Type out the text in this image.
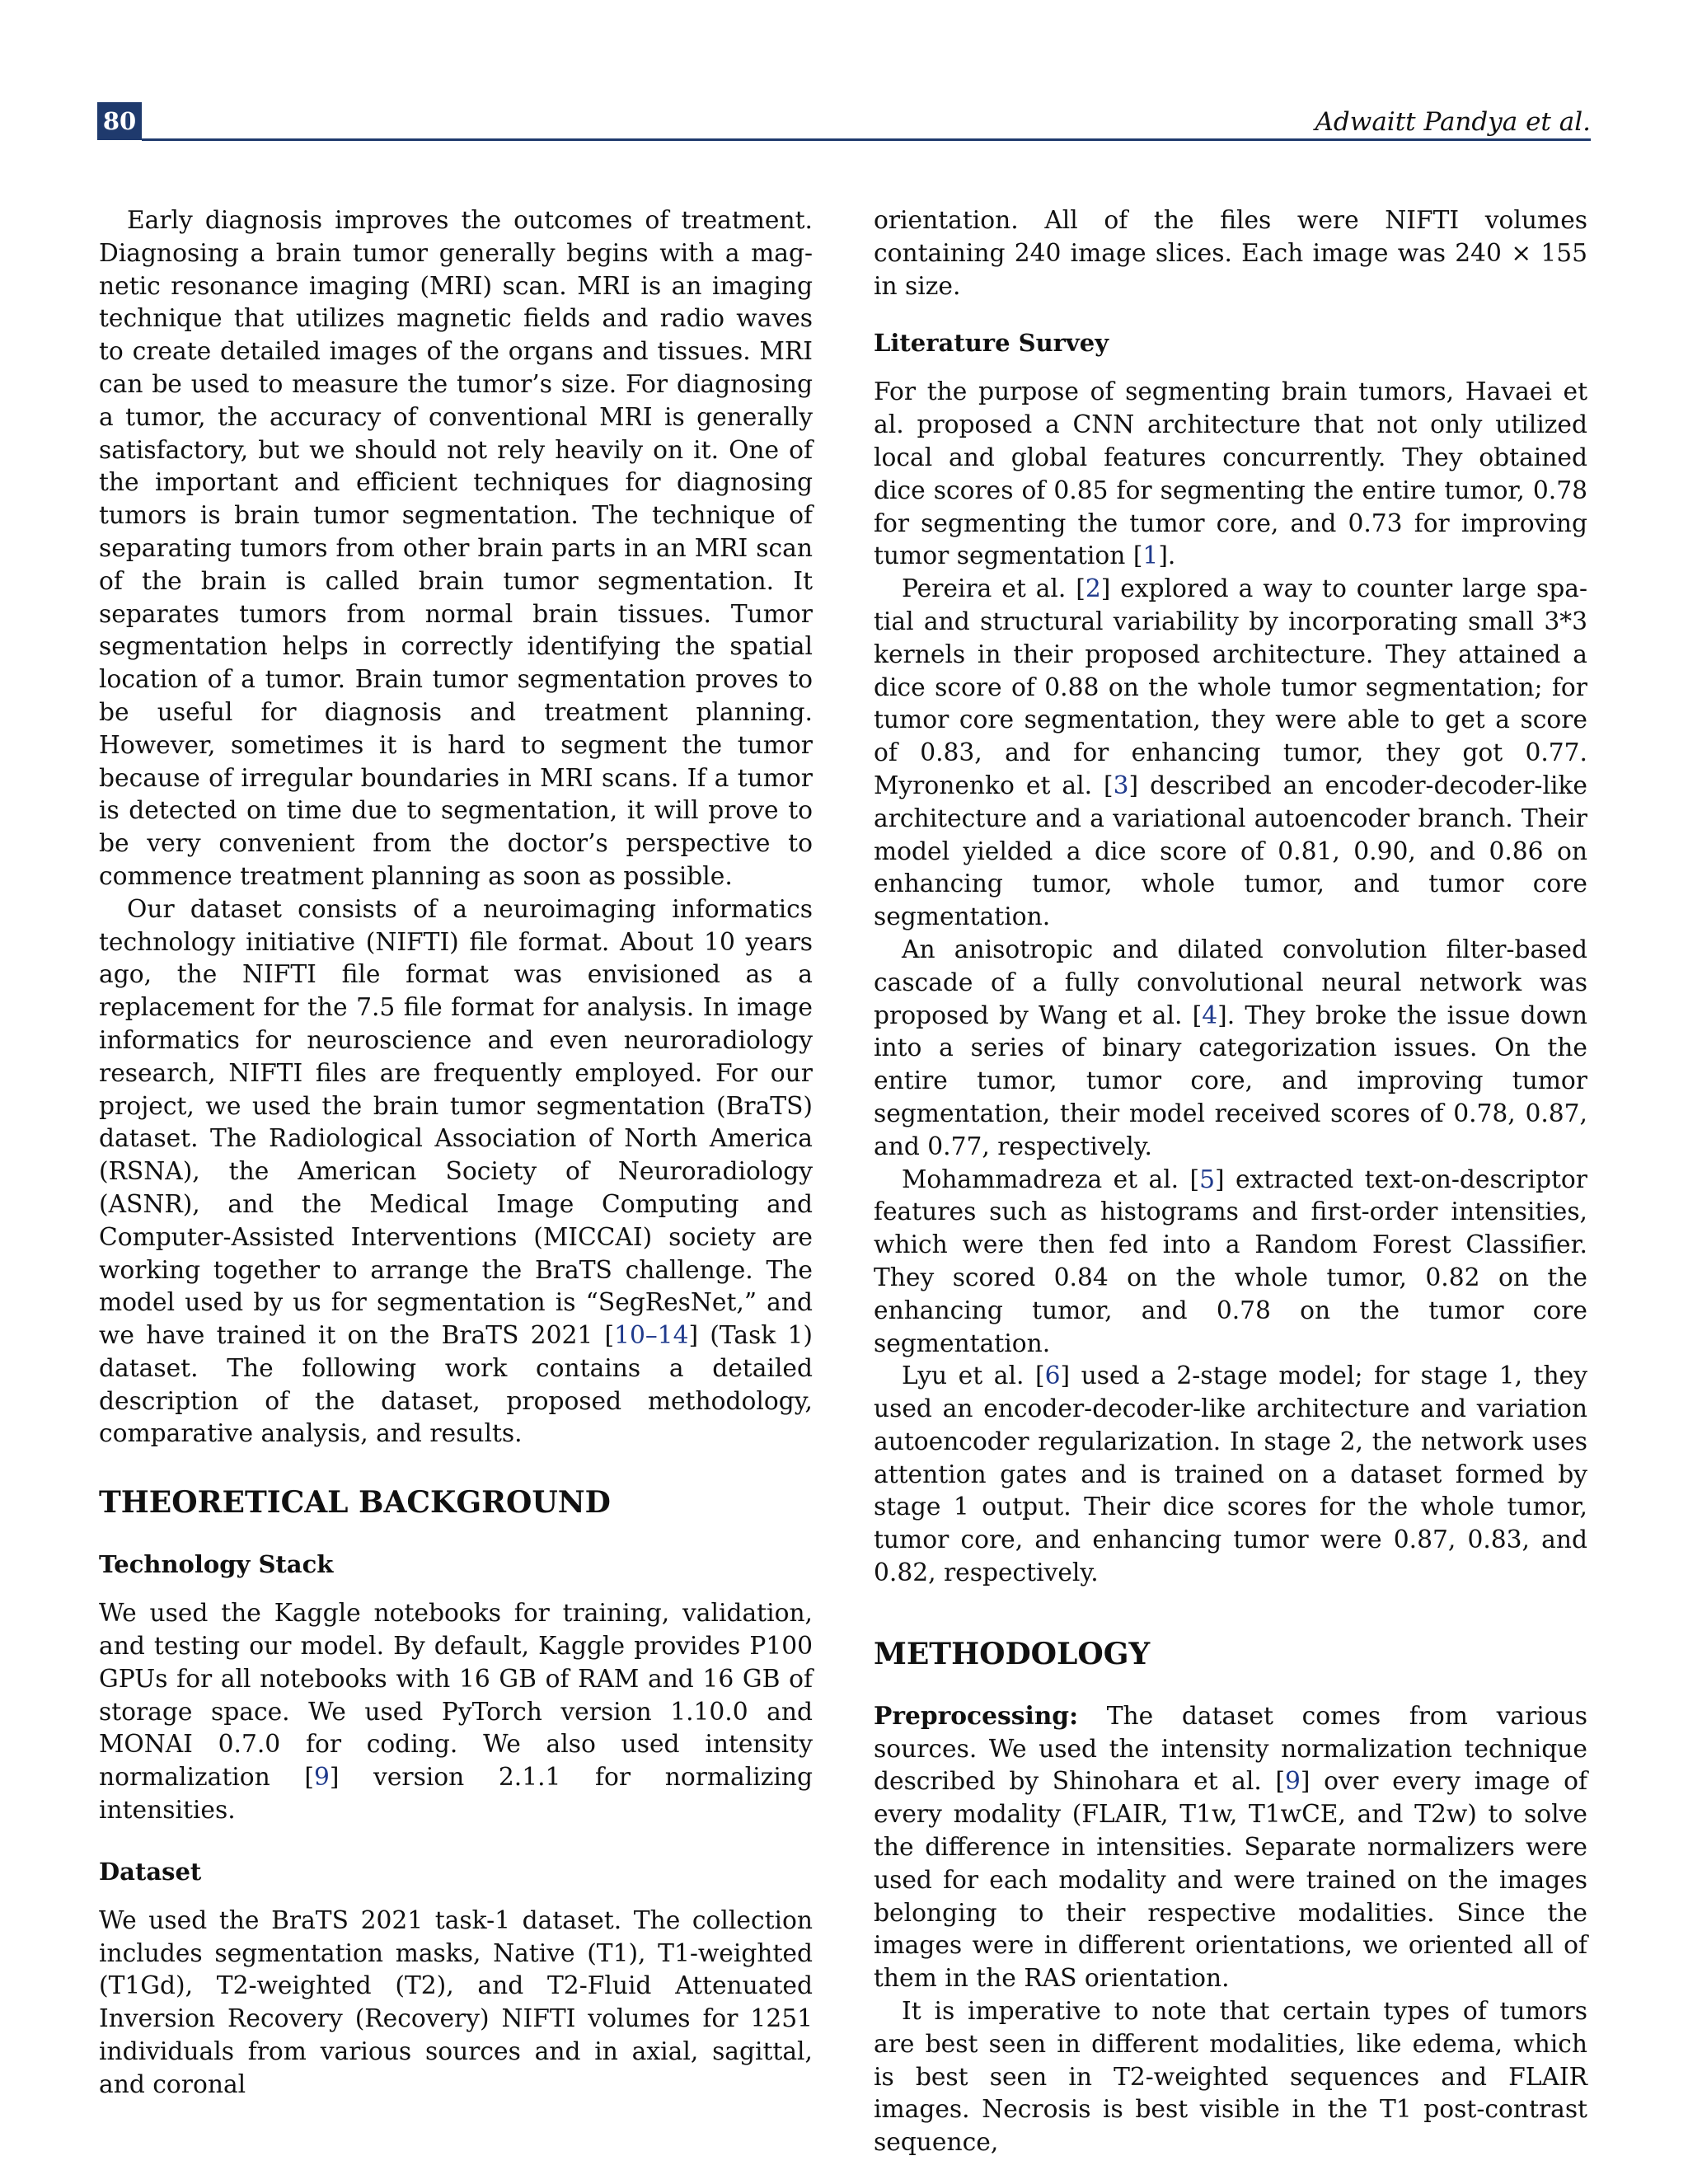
80	Adwaitt Pandya et al.

Early diagnosis improves the outcomes of treatment. Diagnosing a brain tumor generally begins with a magnetic resonance imaging (MRI) scan. MRI is an imaging technique that utilizes magnetic fields and radio waves to create detailed images of the organs and tissues. MRI can be used to measure the tumor’s size. For diagnosing a tumor, the accuracy of conventional MRI is generally satisfactory, but we should not rely heavily on it. One of the important and efficient techniques for diagnosing tumors is brain tumor segmentation. The technique of separating tumors from other brain parts in an MRI scan of the brain is called brain tumor segmentation. It separates tumors from normal brain tissues. Tumor segmentation helps in correctly identifying the spatial location of a tumor. Brain tumor segmentation proves to be useful for diagnosis and treatment planning. However, sometimes it is hard to segment the tumor because of irregular boundaries in MRI scans. If a tumor is detected on time due to segmentation, it will prove to be very convenient from the doctor’s perspective to commence treatment planning as soon as possible.

Our dataset consists of a neuroimaging informatics technology initiative (NIFTI) file format. About 10 years ago, the NIFTI file format was envisioned as a replacement for the 7.5 file format for analysis. In image informatics for neuroscience and even neuroradiology research, NIFTI files are frequently employed. For our project, we used the brain tumor segmentation (BraTS) dataset. The Radiological Association of North America (RSNA), the American Society of Neuroradiology (ASNR), and the Medical Image Computing and Computer-Assisted Interventions (MICCAI) society are working together to arrange the BraTS challenge. The model used by us for segmentation is “SegResNet,” and we have trained it on the BraTS 2021 [10–14] (Task 1) dataset. The following work contains a detailed description of the dataset, proposed methodology, comparative analysis, and results.

THEORETICAL BACKGROUND
Technology Stack

We used the Kaggle notebooks for training, validation, and testing our model. By default, Kaggle provides P100 GPUs for all notebooks with 16 GB of RAM and 16 GB of storage space. We used PyTorch version 1.10.0 and MONAI 0.7.0 for coding. We also used intensity normalization [9] version 2.1.1 for normalizing intensities.

Dataset

We used the BraTS 2021 task-1 dataset. The collection includes segmentation masks, Native (T1), T1-weighted (T1Gd), T2-weighted (T2), and T2-Fluid Attenuated Inversion Recovery (Recovery) NIFTI volumes for 1251 individuals from various sources and in axial, sagittal, and coronal

orientation. All of the files were NIFTI volumes containing 240 image slices. Each image was 240 × 155 in size.

Literature Survey

For the purpose of segmenting brain tumors, Havaei et al. proposed a CNN architecture that not only utilized local and global features concurrently. They obtained dice scores of 0.85 for segmenting the entire tumor, 0.78 for segmenting the tumor core, and 0.73 for improving tumor segmentation [1].

Pereira et al. [2] explored a way to counter large spatial and structural variability by incorporating small 3*3 kernels in their proposed architecture. They attained a dice score of 0.88 on the whole tumor segmentation; for tumor core segmentation, they were able to get a score of 0.83, and for enhancing tumor, they got 0.77. Myronenko et al. [3] described an encoder-decoder-like architecture and a variational autoencoder branch. Their model yielded a dice score of 0.81, 0.90, and 0.86 on enhancing tumor, whole tumor, and tumor core segmentation.

An anisotropic and dilated convolution filter-based cascade of a fully convolutional neural network was proposed by Wang et al. [4]. They broke the issue down into a series of binary categorization issues. On the entire tumor, tumor core, and improving tumor segmentation, their model received scores of 0.78, 0.87, and 0.77, respectively.

Mohammadreza et al. [5] extracted text-on-descriptor features such as histograms and first-order intensities, which were then fed into a Random Forest Classifier. They scored 0.84 on the whole tumor, 0.82 on the enhancing tumor, and 0.78 on the tumor core segmentation.

Lyu et al. [6] used a 2-stage model; for stage 1, they used an encoder-decoder-like architecture and variation autoencoder regularization. In stage 2, the network uses attention gates and is trained on a dataset formed by stage 1 output. Their dice scores for the whole tumor, tumor core, and enhancing tumor were 0.87, 0.83, and 0.82, respectively.

METHODOLOGY

Preprocessing: The dataset comes from various sources. We used the intensity normalization technique described by Shinohara et al. [9] over every image of every modality (FLAIR, T1w, T1wCE, and T2w) to solve the difference in intensities. Separate normalizers were used for each modality and were trained on the images belonging to their respective modalities. Since the images were in different orientations, we oriented all of them in the RAS orientation.

It is imperative to note that certain types of tumors are best seen in different modalities, like edema, which is best seen in T2-weighted sequences and FLAIR images. Necrosis is best visible in the T1 post-contrast sequence,
